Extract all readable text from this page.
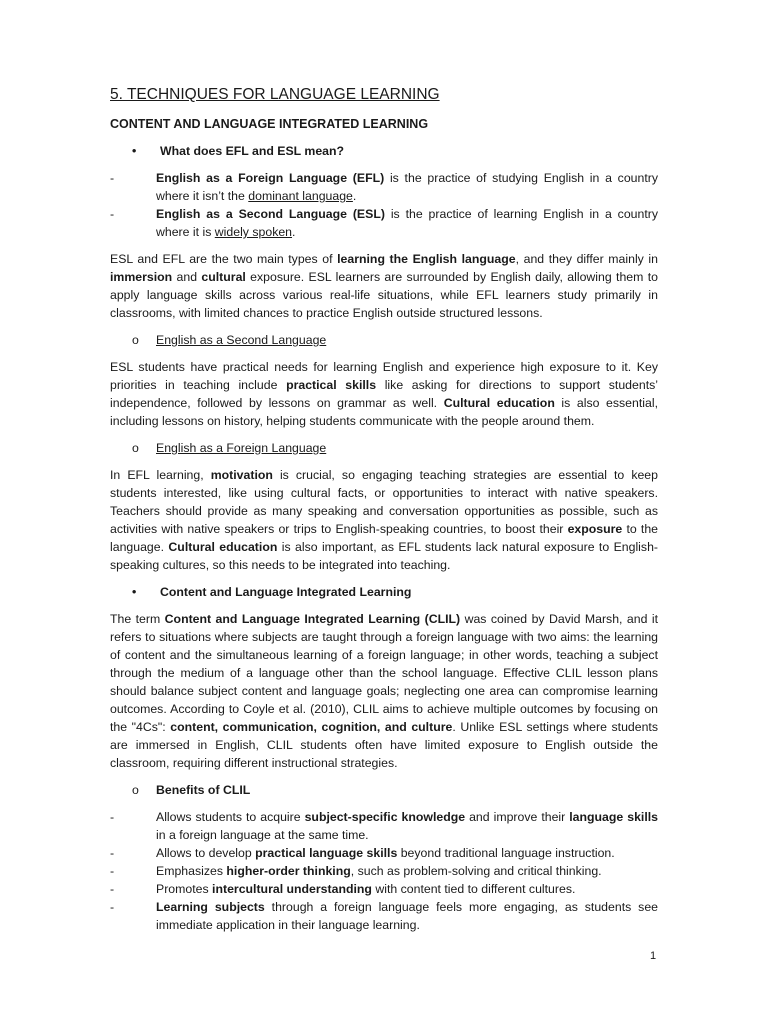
5. TECHNIQUES FOR LANGUAGE LEARNING
CONTENT AND LANGUAGE INTEGRATED LEARNING
• What does EFL and ESL mean?
-	English as a Foreign Language (EFL) is the practice of studying English in a country where it isn’t the dominant language.
-	English as a Second Language (ESL) is the practice of learning English in a country where it is widely spoken.

ESL and EFL are the two main types of learning the English language, and they differ mainly in immersion and cultural exposure. ESL learners are surrounded by English daily, allowing them to apply language skills across various real-life situations, while EFL learners study primarily in classrooms, with limited chances to practice English outside structured lessons.

o English as a Second Language

ESL students have practical needs for learning English and experience high exposure to it. Key priorities in teaching include practical skills like asking for directions to support students’ independence, followed by lessons on grammar as well. Cultural education is also essential, including lessons on history, helping students communicate with the people around them.

o English as a Foreign Language

In EFL learning, motivation is crucial, so engaging teaching strategies are essential to keep students interested, like using cultural facts, or opportunities to interact with native speakers. Teachers should provide as many speaking and conversation opportunities as possible, such as activities with native speakers or trips to English-speaking countries, to boost their exposure to the language. Cultural education is also important, as EFL students lack natural exposure to English-speaking cultures, so this needs to be integrated into teaching.

• Content and Language Integrated Learning

The term Content and Language Integrated Learning (CLIL) was coined by David Marsh, and it refers to situations where subjects are taught through a foreign language with two aims: the learning of content and the simultaneous learning of a foreign language; in other words, teaching a subject through the medium of a language other than the school language. Effective CLIL lesson plans should balance subject content and language goals; neglecting one area can compromise learning outcomes. According to Coyle et al. (2010), CLIL aims to achieve multiple outcomes by focusing on the "4Cs": content, communication, cognition, and culture. Unlike ESL settings where students are immersed in English, CLIL students often have limited exposure to English outside the classroom, requiring different instructional strategies.

o Benefits of CLIL
-	Allows students to acquire subject-specific knowledge and improve their language skills in a foreign language at the same time.
-	Allows to develop practical language skills beyond traditional language instruction.
-	Emphasizes higher-order thinking, such as problem-solving and critical thinking.
-	Promotes intercultural understanding with content tied to different cultures.
-	Learning subjects through a foreign language feels more engaging, as students see immediate application in their language learning.
1
